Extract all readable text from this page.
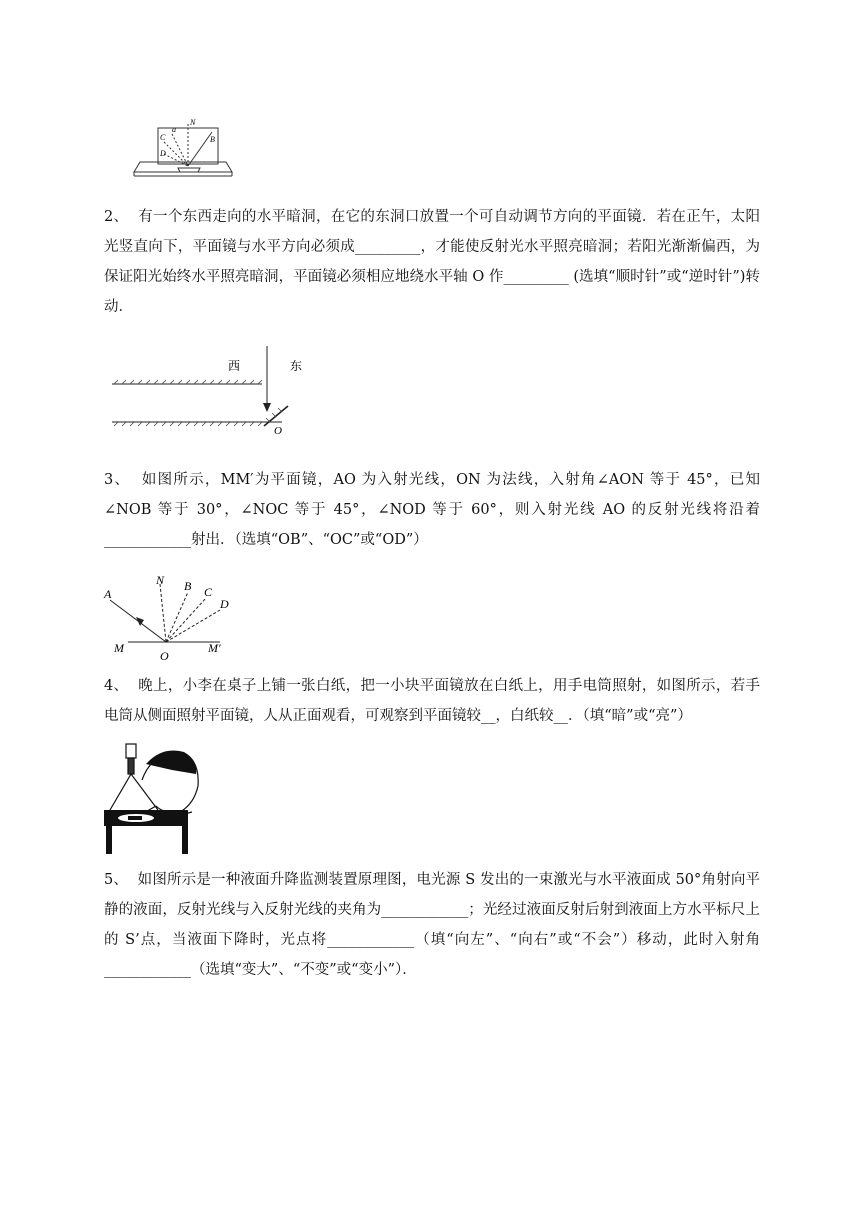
N
a
C	B
D

2、 有一个东西走向的水平暗洞，在它的东洞口放置一个可自动调节方向的平面镜．若在正午，太阳光竖直向下，平面镜与水平方向必须成_________，才能使反射光水平照亮暗洞；若阳光渐渐偏西，为保证阳光始终水平照亮暗洞，平面镜必须相应地绕水平轴 O 作_________ (选填“顺时针”或“逆时针”)转动．

西	东
O

3、 如图所示，MM′为平面镜，AO 为入射光线，ON 为法线，入射角∠AON 等于 45°，已知∠NOB 等于 30°，∠NOC 等于 45°，∠NOD 等于 60°，则入射光线 AO 的反射光线将沿着____________射出．（选填“OB”、“OC”或“OD”）

A
N B C
D
M
O
M′

4、 晚上，小李在桌子上铺一张白纸，把一小块平面镜放在白纸上，用手电筒照射，如图所示，若手电筒从侧面照射平面镜，人从正面观看，可观察到平面镜较__，白纸较__．（填“暗”或“亮”）

5、 如图所示是一种液面升降监测装置原理图，电光源 S 发出的一束激光与水平液面成 50°角射向平静的液面，反射光线与入反射光线的夹角为____________；光经过液面反射后射到液面上方水平标尺上的 S’点，当液面下降时，光点将____________（填“向左”、“向右”或“不会”）移动，此时入射角____________（选填“变大”、“不变”或“变小”）．
